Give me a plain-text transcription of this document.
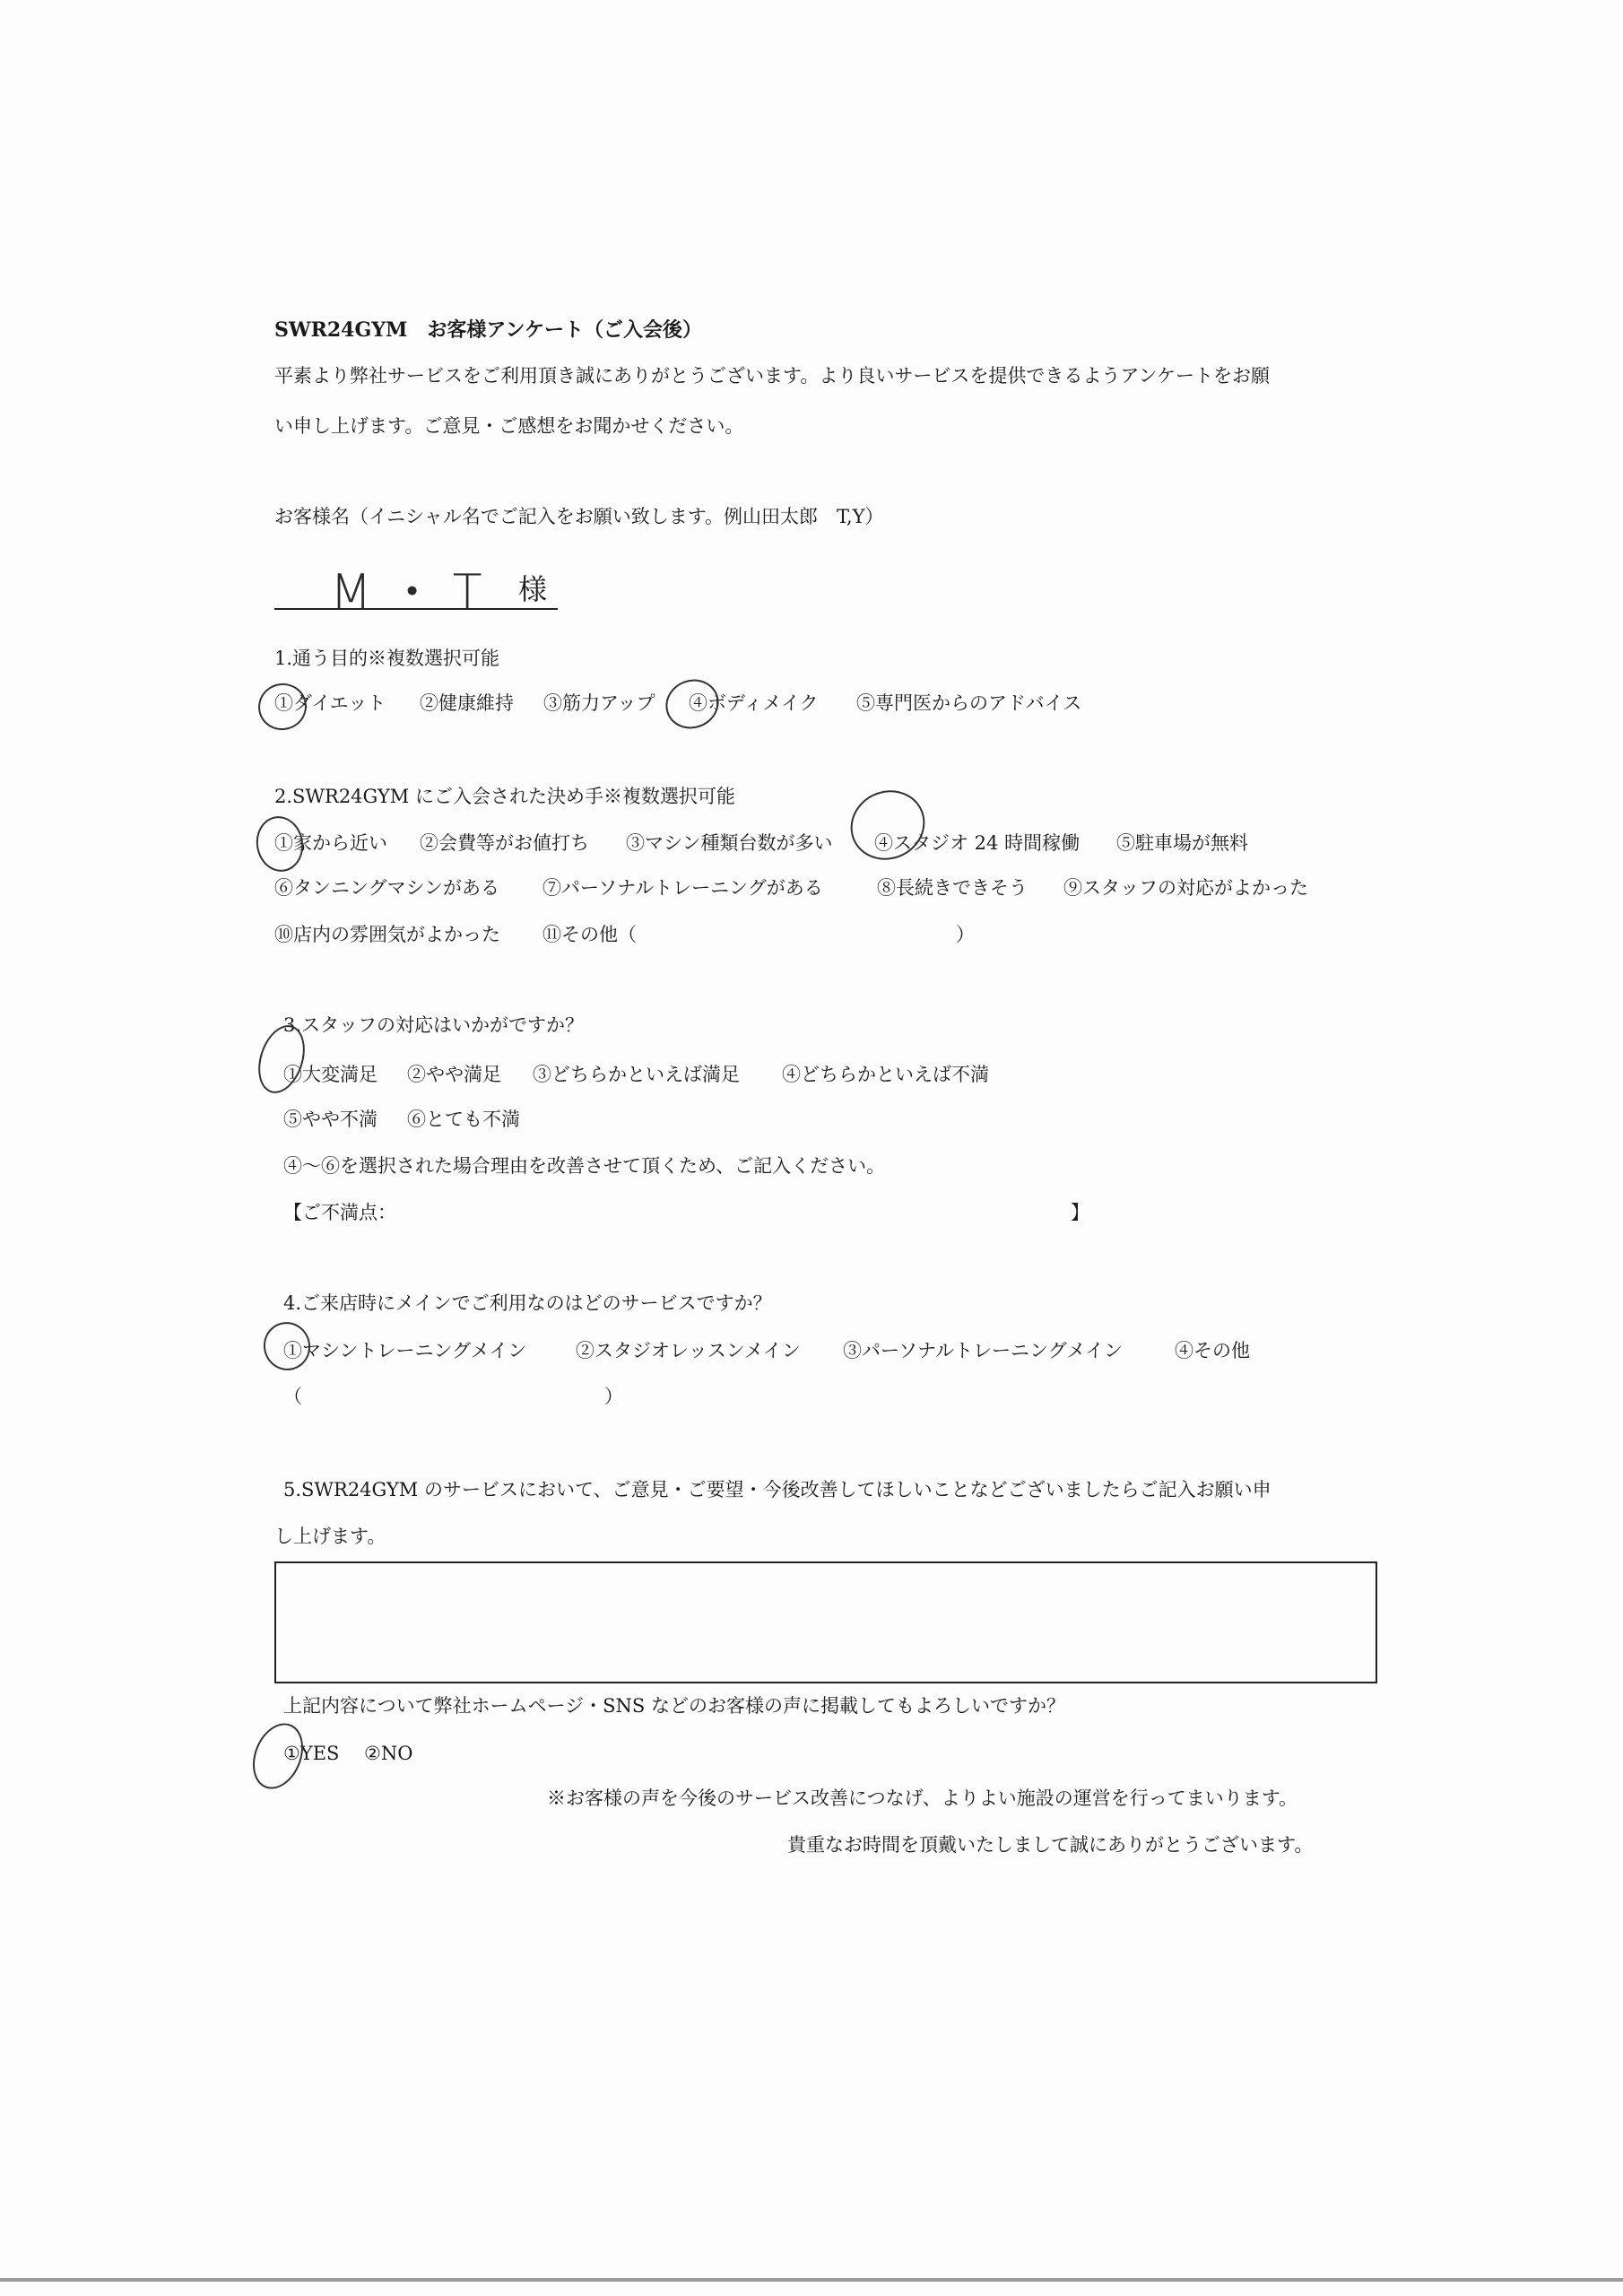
SWR24GYM　お客様アンケート（ご入会後）
平素より弊社サービスをご利用頂き誠にありがとうございます。より良いサービスを提供できるようアンケートをお願
い申し上げます。ご意見・ご感想をお聞かせください。
お客様名（イニシャル名でご記入をお願い致します。例山田太郎　T,Y）
M・T 様
1.通う目的※複数選択可能
①ダイエット ②健康維持 ③筋力アップ ④ボディメイク ⑤専門医からのアドバイス
2.SWR24GYM にご入会された決め手※複数選択可能
①家から近い ②会費等がお値打ち ③マシン種類台数が多い ④スタジオ 24 時間稼働 ⑤駐車場が無料
⑥タンニングマシンがある ⑦パーソナルトレーニングがある	⑧長続きできそう ⑨スタッフの対応がよかった
⑩店内の雰囲気がよかった ⑪その他（	）
3.スタッフの対応はいかがですか？
①大変満足 ②やや満足 ③どちらかといえば満足 ④どちらかといえば不満
⑤やや不満 ⑥とても不満
④～⑥を選択された場合理由を改善させて頂くため、ご記入ください。
【ご不満点：	】
4.ご来店時にメインでご利用なのはどのサービスですか？
①マシントレーニングメイン	②スタジオレッスンメイン ③パーソナルトレーニングメイン	④その他
（	）
5.SWR24GYM のサービスにおいて、ご意見・ご要望・今後改善してほしいことなどございましたらご記入お願い申
し上げます。
上記内容について弊社ホームページ・SNS などのお客様の声に掲載してもよろしいですか？
①YES ②NO
※お客様の声を今後のサービス改善につなげ、よりよい施設の運営を行ってまいります。
貴重なお時間を頂戴いたしまして誠にありがとうございます。
